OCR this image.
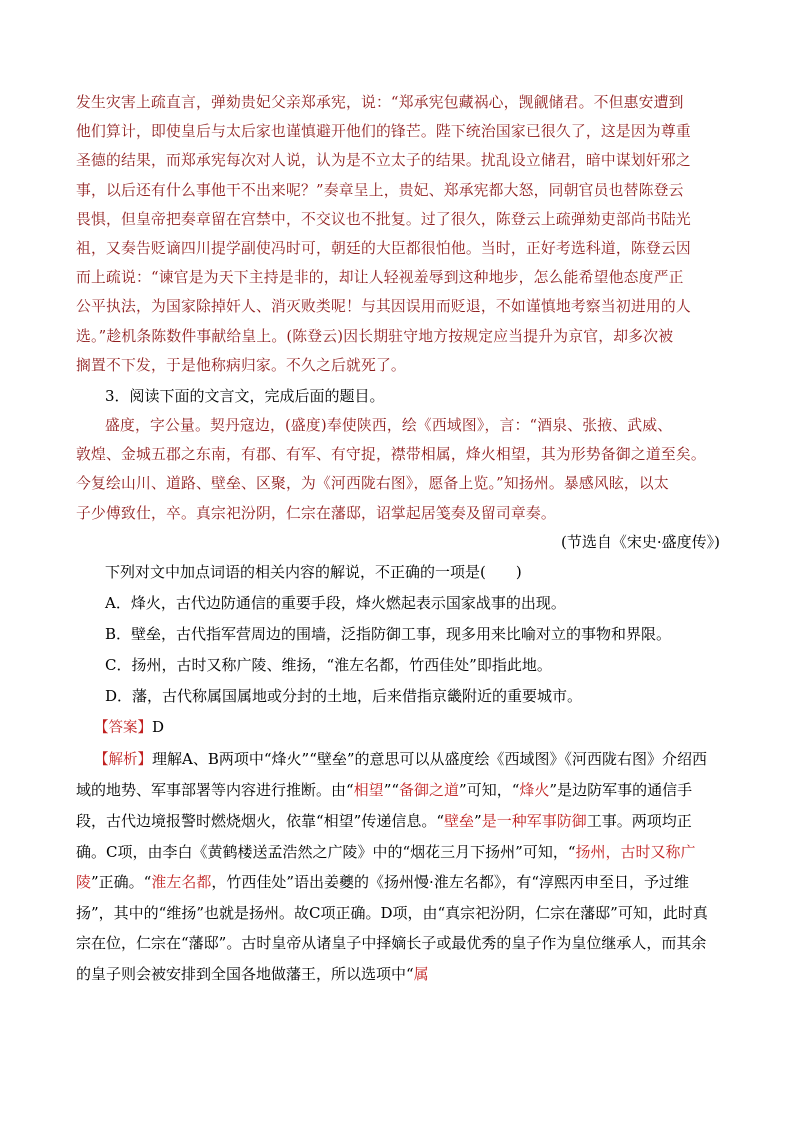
发生灾害上疏直言，弹劾贵妃父亲郑承宪，说：“郑承宪包藏祸心，觊觎储君。不但惠安遭到

他们算计，即使皇后与太后家也谨慎避开他们的锋芒。陛下统治国家已很久了，这是因为尊重

圣德的结果，而郑承宪每次对人说，认为是不立太子的结果。扰乱设立储君，暗中谋划奸邪之

事，以后还有什么事他干不出来呢？”奏章呈上，贵妃、郑承宪都大怒，同朝官员也替陈登云

畏惧，但皇帝把奏章留在宫禁中，不交议也不批复。过了很久，陈登云上疏弹劾吏部尚书陆光

祖，又奏告贬谪四川提学副使冯时可，朝廷的大臣都很怕他。当时，正好考选科道，陈登云因

而上疏说：“谏官是为天下主持是非的，却让人轻视羞辱到这种地步，怎么能希望他态度严正

公平执法，为国家除掉奸人、消灭败类呢！与其因误用而贬退，不如谨慎地考察当初进用的人

选。”趁机条陈数件事献给皇上。(陈登云)因长期驻守地方按规定应当提升为京官，却多次被

搁置不下发，于是他称病归家。不久之后就死了。

3．阅读下面的文言文，完成后面的题目。

盛度，字公量。契丹寇边，(盛度)奉使陕西，绘《西域图》，言：“酒泉、张掖、武威、

敦煌、金城五郡之东南，有郡、有军、有守捉，襟带相属，烽火相望，其为形势备御之道至矣。

今复绘山川、道路、壁垒、区聚，为《河西陇右图》，愿备上览。”知扬州。暴感风眩，以太

子少傅致仕，卒。真宗祀汾阴，仁宗在藩邸，诏掌起居笺奏及留司章奏。

(节选自《宋史·盛度传》)

下列对文中加点词语的相关内容的解说，不正确的一项是(　　)

A．烽火，古代边防通信的重要手段，烽火燃起表示国家战事的出现。

B．壁垒，古代指军营周边的围墙，泛指防御工事，现多用来比喻对立的事物和界限。

C．扬州，古时又称广陵、维扬，“淮左名都，竹西佳处”即指此地。

D．藩，古代称属国属地或分封的土地，后来借指京畿附近的重要城市。

【答案】D

【解析】理解A、B两项中“烽火”“壁垒”的意思可以从盛度绘《西域图》《河西陇右图》介绍西域的地势、军事部署等内容进行推断。由“相望”“备御之道”可知，“烽火”是边防军事的通信手段，古代边境报警时燃烧烟火，依靠“相望”传递信息。“壁垒”是一种军事防御工事。两项均正确。C项，由李白《黄鹤楼送孟浩然之广陵》中的“烟花三月下扬州”可知，“扬州，古时又称广陵”正确。“淮左名都，竹西佳处”语出姜夔的《扬州慢·淮左名都》，有“淳熙丙申至日，予过维扬”，其中的“维扬”也就是扬州。故C项正确。D项，由“真宗祀汾阴，仁宗在藩邸”可知，此时真宗在位，仁宗在“藩邸”。古时皇帝从诸皇子中择嫡长子或最优秀的皇子作为皇位继承人，而其余的皇子则会被安排到全国各地做藩王，所以选项中“属
